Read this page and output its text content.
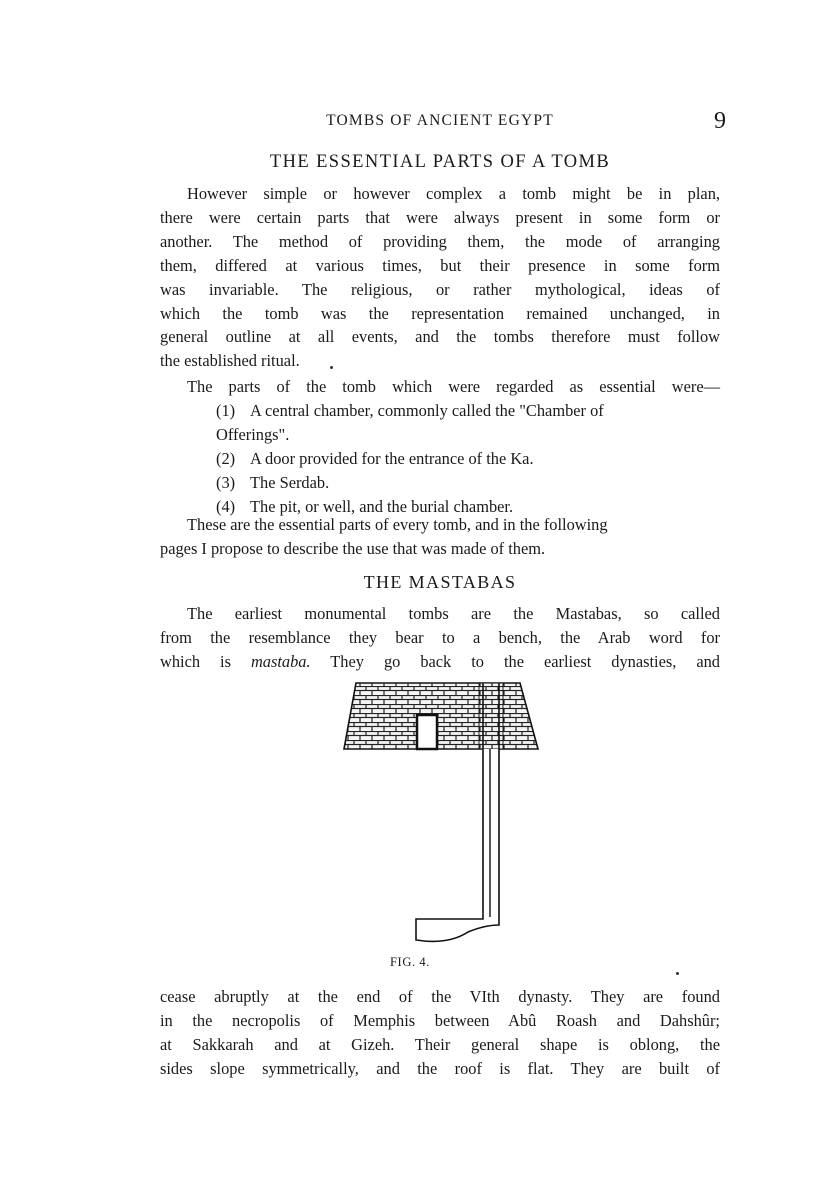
TOMBS OF ANCIENT EGYPT	9
THE ESSENTIAL PARTS OF A TOMB
However simple or however complex a tomb might be in plan,
there were certain parts that were always present in some form or
another. The method of providing them, the mode of arranging
them, differed at various times, but their presence in some form
was invariable. The religious, or rather mythological, ideas of
which the tomb was the representation remained unchanged, in
general outline at all events, and the tombs therefore must follow
the established ritual.
The parts of the tomb which were regarded as essential were—
(1) A central chamber, commonly called the "Chamber of
Offerings".
(2) A door provided for the entrance of the Ka.
(3) The Serdab.
(4) The pit, or well, and the burial chamber.
These are the essential parts of every tomb, and in the following
pages I propose to describe the use that was made of them.
THE MASTABAS
The earliest monumental tombs are the Mastabas, so called
from the resemblance they bear to a bench, the Arab word for
which is mastaba. They go back to the earliest dynasties, and
FIG. 4.
cease abruptly at the end of the VIth dynasty. They are found
in the necropolis of Memphis between Abû Roash and Dahshûr;
at Sakkarah and at Gizeh. Their general shape is oblong, the
sides slope symmetrically, and the roof is flat. They are built of
